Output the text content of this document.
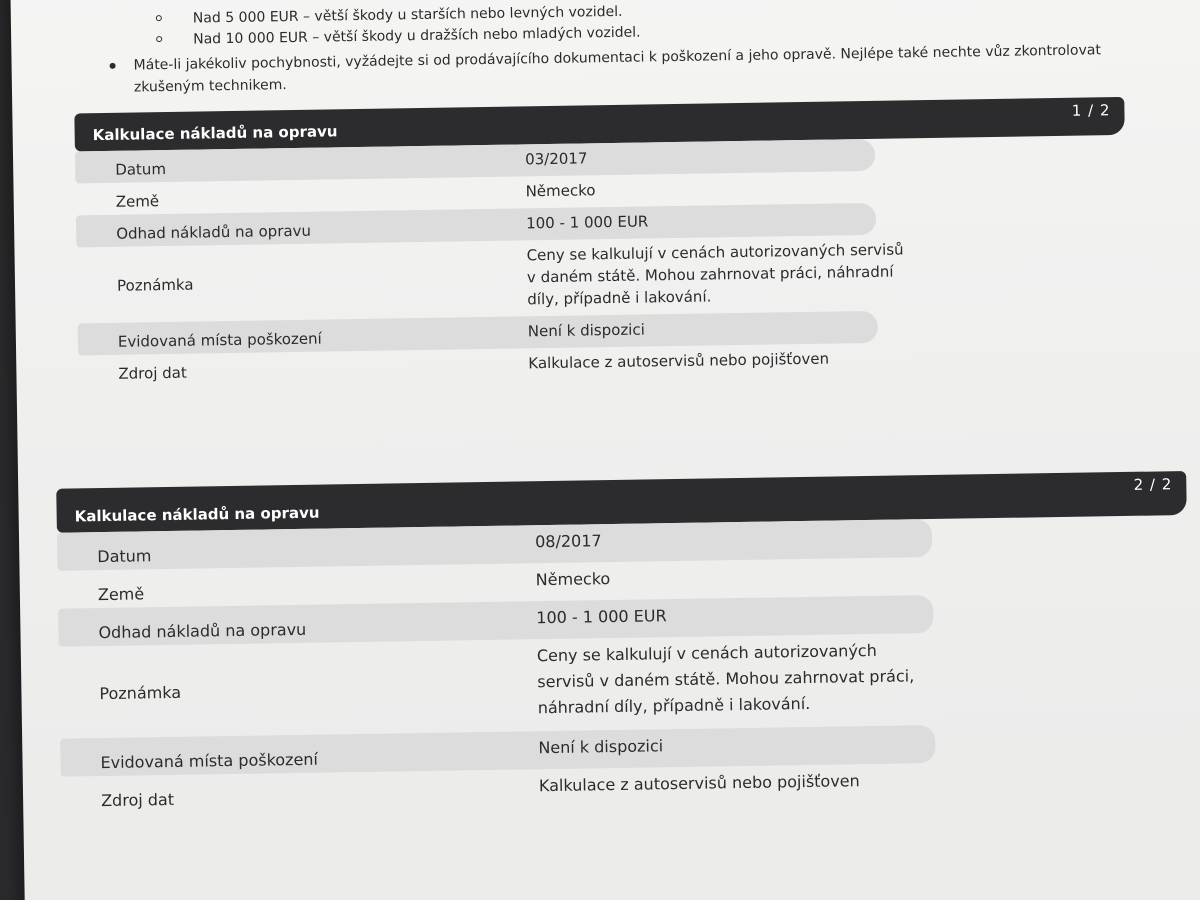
Nad 5 000 EUR – větší škody u starších nebo levných vozidel.
Nad 10 000 EUR – větší škody u dražších nebo mladých vozidel.
Máte-li jakékoliv pochybnosti, vyžádejte si od prodávajícího dokumentaci k poškození a jeho opravě. Nejlépe také nechte vůz zkontrolovat zkušeným technikem.
Kalkulace nákladů na opravu
1 / 2
Datum
03/2017
Země
Německo
Odhad nákladů na opravu	100 - 1 000 EUR
Poznámka
Ceny se kalkulují v cenách autorizovaných servisů v daném státě. Mohou zahrnovat práci, náhradní díly, případně i lakování.
Evidovaná místa poškození	Není k dispozici
Zdroj dat
Kalkulace z autoservisů nebo pojišťoven
Kalkulace nákladů na opravu
2 / 2
Datum
08/2017
Země
Německo
Odhad nákladů na opravu
100 - 1 000 EUR
Poznámka
Ceny se kalkulují v cenách autorizovaných servisů v daném státě. Mohou zahrnovat práci, náhradní díly, případně i lakování.
Evidovaná místa poškození
Není k dispozici
Zdroj dat
Kalkulace z autoservisů nebo pojišťoven
